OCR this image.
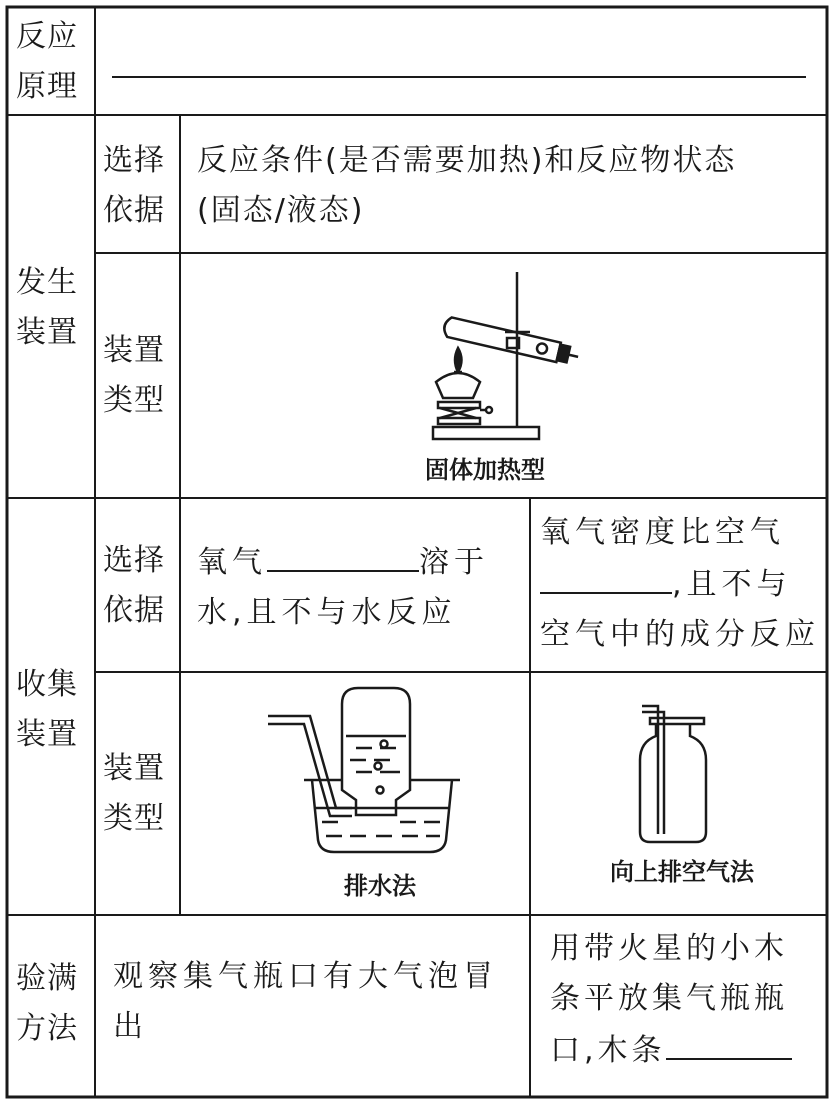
反应
原理
发生
装置
选择
依据
反应条件(是否需要加热)和反应物状态
(固态/液态)
装置
类型
固体加热型
收集
装置
选择
依据
氧气	溶于
水,且不与水反应
氧气密度比空气
,且不与
空气中的成分反应
装置
类型
排水法	向上排空气法
验满
方法
观察集气瓶口有大气泡冒
出
用带火星的小木
条平放集气瓶瓶
口,木条
